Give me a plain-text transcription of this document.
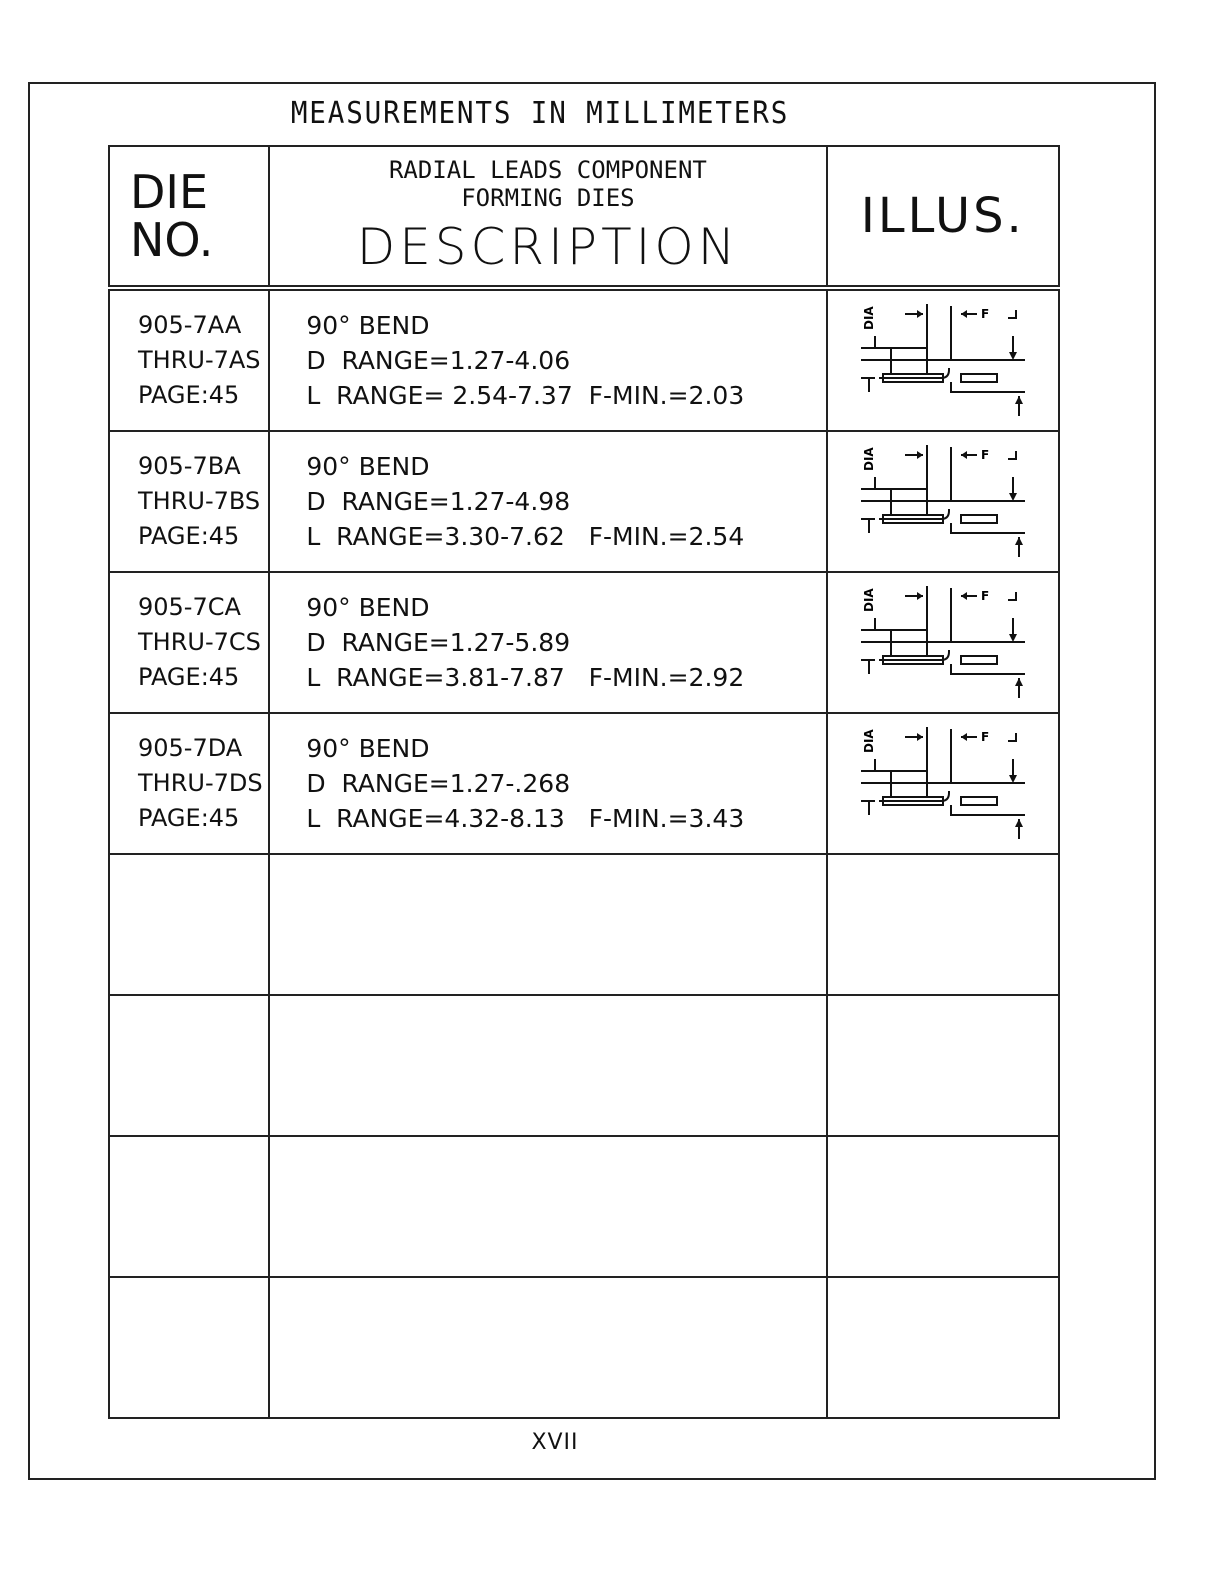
MEASUREMENTS IN MILLIMETERS
DIE
NO.	RADIAL LEADS COMPONENT
FORMING DIES
DESCRIPTION	ILLUS.

905-7AA
THRU-7AS
PAGE:45	90° BEND
D  RANGE=1.27-4.06
L  RANGE= 2.54-7.37  F-MIN.=2.03	DIA F

905-7BA
THRU-7BS
PAGE:45	90° BEND
D  RANGE=1.27-4.98
L  RANGE=3.30-7.62   F-MIN.=2.54	DIA F

905-7CA
THRU-7CS
PAGE:45	90° BEND
D  RANGE=1.27-5.89
L  RANGE=3.81-7.87   F-MIN.=2.92	DIA F

905-7DA
THRU-7DS
PAGE:45	90° BEND
D  RANGE=1.27-.268
L  RANGE=4.32-8.13   F-MIN.=3.43	DIA F

XVII
